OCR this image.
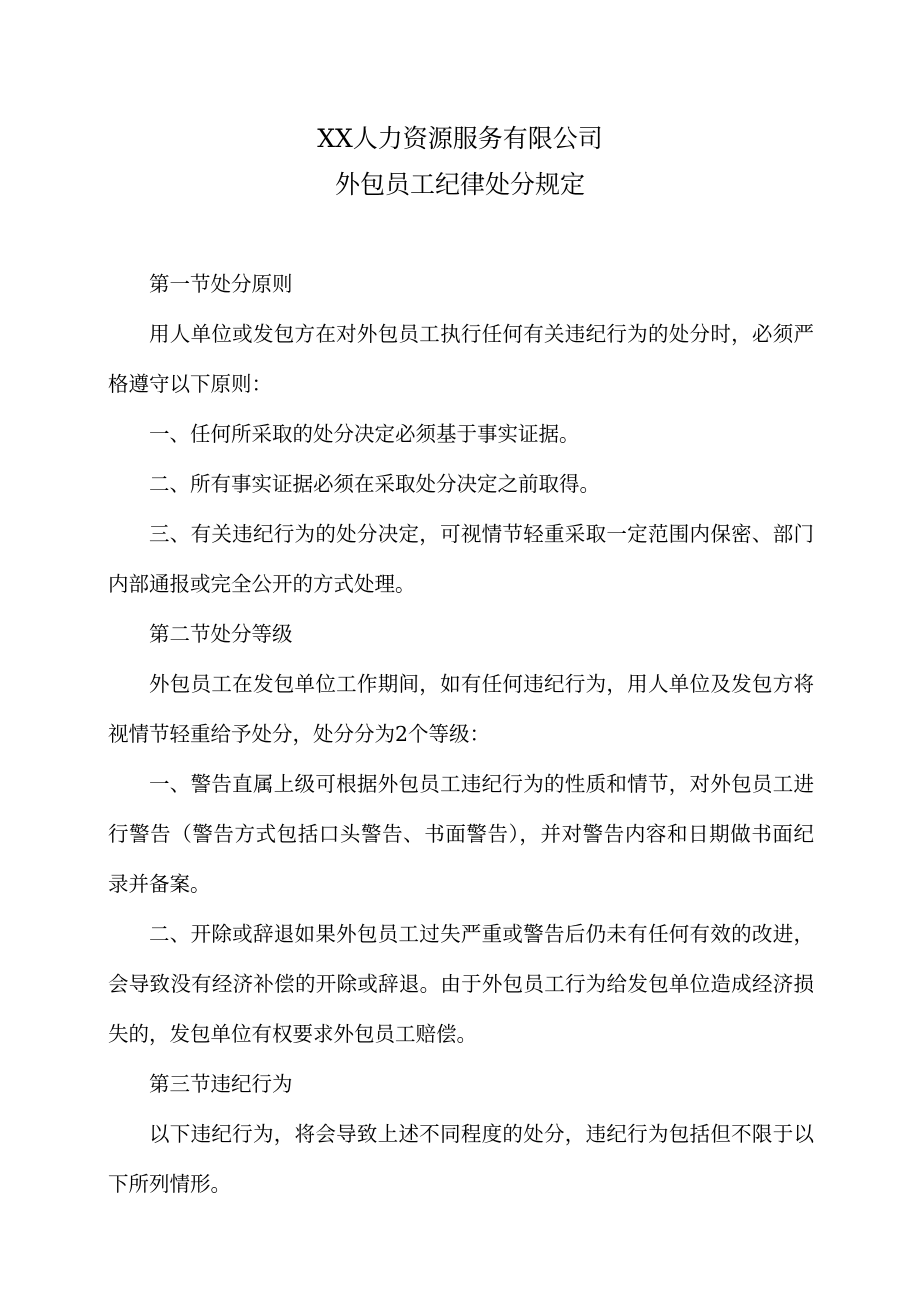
XX人力资源服务有限公司
外包员工纪律处分规定

第一节处分原则

用人单位或发包方在对外包员工执行任何有关违纪行为的处分时，必须严格遵守以下原则：

一、任何所采取的处分决定必须基于事实证据。

二、所有事实证据必须在采取处分决定之前取得。

三、有关违纪行为的处分决定，可视情节轻重采取一定范围内保密、部门内部通报或完全公开的方式处理。

第二节处分等级

外包员工在发包单位工作期间，如有任何违纪行为，用人单位及发包方将视情节轻重给予处分，处分分为2个等级：

一、警告直属上级可根据外包员工违纪行为的性质和情节，对外包员工进行警告（警告方式包括口头警告、书面警告），并对警告内容和日期做书面纪录并备案。

二、开除或辞退如果外包员工过失严重或警告后仍未有任何有效的改进，会导致没有经济补偿的开除或辞退。由于外包员工行为给发包单位造成经济损失的，发包单位有权要求外包员工赔偿。

第三节违纪行为

以下违纪行为，将会导致上述不同程度的处分，违纪行为包括但不限于以下所列情形。
